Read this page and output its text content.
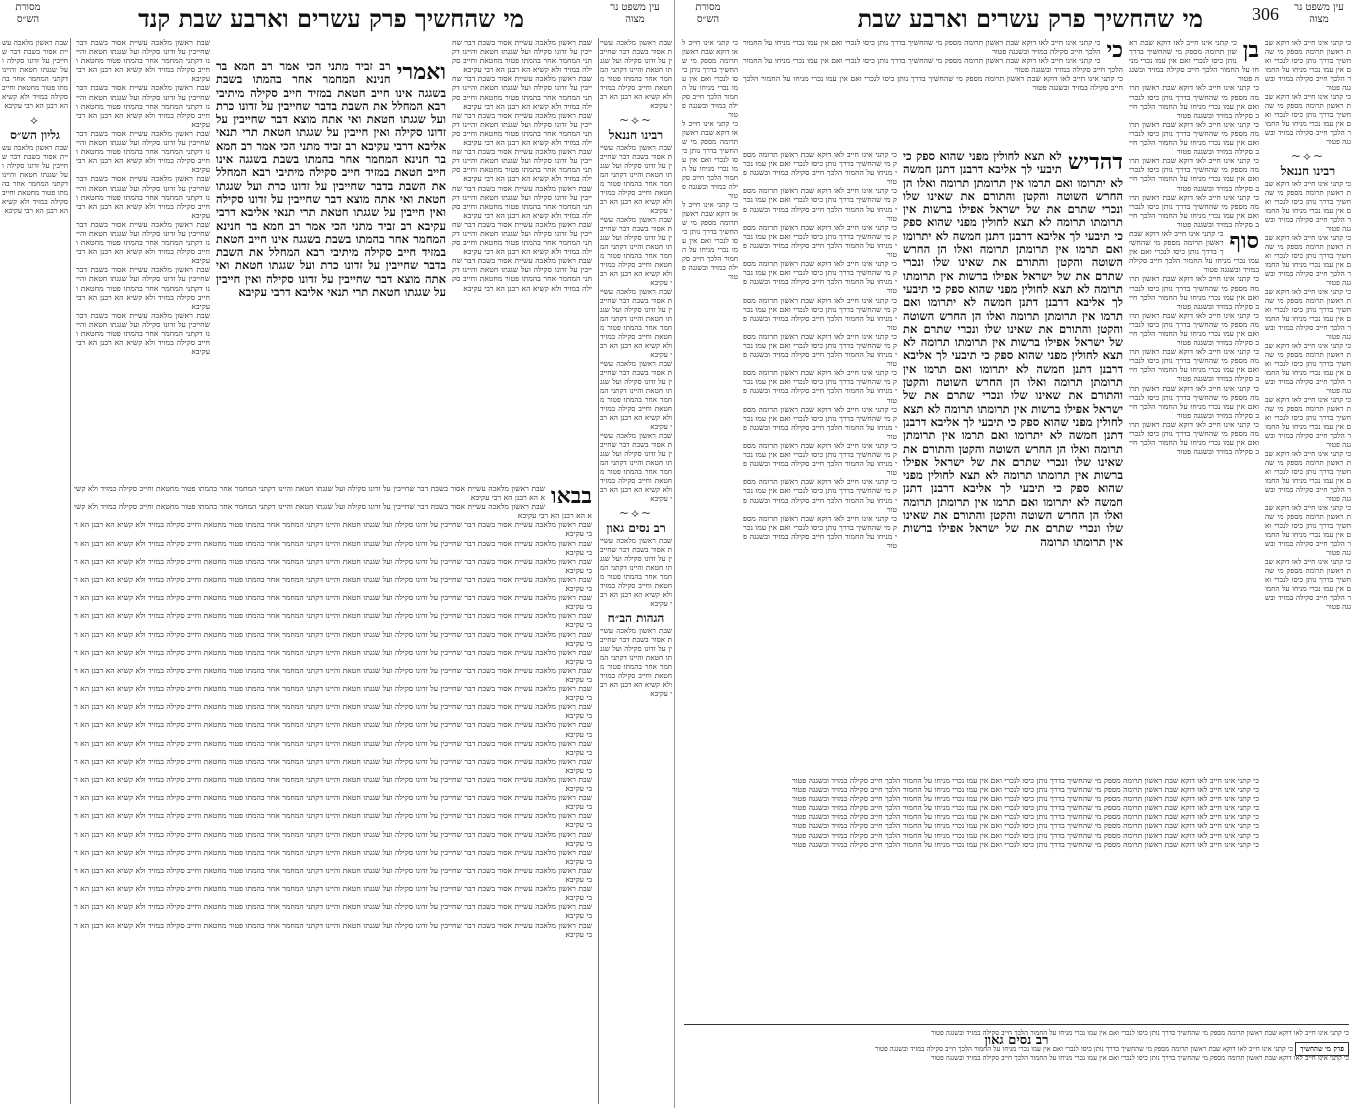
עין משפט נר מצוה
מי שהחשיך פרק עשרים וארבע שבת קנד
מסורת הש״ס
שבת ראשון מלאכה עשיית אסור בשבת דבר שחייבין על זדונו סקילה ועל שגגתו חטאת והיינו דקתני המחמר אחר בהמתו פטור מחטאת וחייב סקילה במזיד ולא קשיא הא רבנן הא רבי עקיבא
~⟡~
רבינו חננאל
שבת ראשון מלאכה עשיית אסור בשבת דבר שחייבין על זדונו סקילה ועל שגגתו חטאת והיינו דקתני המחמר אחר בהמתו פטור מחטאת וחייב סקילה במזיד ולא קשיא הא רבנן הא רבי עקיבא
שבת ראשון מלאכה עשיית אסור בשבת דבר שחייבין על זדונו סקילה ועל שגגתו חטאת והיינו דקתני המחמר אחר בהמתו פטור מחטאת וחייב סקילה במזיד ולא קשיא הא רבנן הא רבי עקיבא
שבת ראשון מלאכה עשיית אסור בשבת דבר שחייבין על זדונו סקילה ועל שגגתו חטאת והיינו דקתני המחמר אחר בהמתו פטור מחטאת וחייב סקילה במזיד ולא קשיא הא רבנן הא רבי עקיבא
שבת ראשון מלאכה עשיית אסור בשבת דבר שחייבין על זדונו סקילה ועל שגגתו חטאת והיינו דקתני המחמר אחר בהמתו פטור מחטאת וחייב סקילה במזיד ולא קשיא הא רבנן הא רבי עקיבא
שבת ראשון מלאכה עשיית אסור בשבת דבר שחייבין על זדונו סקילה ועל שגגתו חטאת והיינו דקתני המחמר אחר בהמתו פטור מחטאת וחייב סקילה במזיד ולא קשיא הא רבנן הא רבי עקיבא
~⟡~
רב נסים גאון
שבת ראשון מלאכה עשיית אסור בשבת דבר שחייבין על זדונו סקילה ועל שגגתו חטאת והיינו דקתני המחמר אחר בהמתו פטור מחטאת וחייב סקילה במזיד ולא קשיא הא רבנן הא רבי עקיבא
הגהות הב״ח
שבת ראשון מלאכה עשיית אסור בשבת דבר שחייבין על זדונו סקילה ועל שגגתו חטאת והיינו דקתני המחמר אחר בהמתו פטור מחטאת וחייב סקילה במזיד ולא קשיא הא רבנן הא רבי עקיבא
שבת ראשון מלאכה עשיית אסור בשבת דבר שחייבין על זדונו סקילה ועל שגגתו חטאת והיינו דקתני המחמר אחר בהמתו פטור מחטאת וחייב סקילה במזיד ולא קשיא הא רבנן הא רבי עקיבא
שבת ראשון מלאכה עשיית אסור בשבת דבר שחייבין על זדונו סקילה ועל שגגתו חטאת והיינו דקתני המחמר אחר בהמתו פטור מחטאת וחייב סקילה במזיד ולא קשיא הא רבנן הא רבי עקיבא
שבת ראשון מלאכה עשיית אסור בשבת דבר שחייבין על זדונו סקילה ועל שגגתו חטאת והיינו דקתני המחמר אחר בהמתו פטור מחטאת וחייב סקילה במזיד ולא קשיא הא רבנן הא רבי עקיבא
שבת ראשון מלאכה עשיית אסור בשבת דבר שחייבין על זדונו סקילה ועל שגגתו חטאת והיינו דקתני המחמר אחר בהמתו פטור מחטאת וחייב סקילה במזיד ולא קשיא הא רבנן הא רבי עקיבא
שבת ראשון מלאכה עשיית אסור בשבת דבר שחייבין על זדונו סקילה ועל שגגתו חטאת והיינו דקתני המחמר אחר בהמתו פטור מחטאת וחייב סקילה במזיד ולא קשיא הא רבנן הא רבי עקיבא
שבת ראשון מלאכה עשיית אסור בשבת דבר שחייבין על זדונו סקילה ועל שגגתו חטאת והיינו דקתני המחמר אחר בהמתו פטור מחטאת וחייב סקילה במזיד ולא קשיא הא רבנן הא רבי עקיבא
שבת ראשון מלאכה עשיית אסור בשבת דבר שחייבין על זדונו סקילה ועל שגגתו חטאת והיינו דקתני המחמר אחר בהמתו פטור מחטאת וחייב סקילה במזיד ולא קשיא הא רבנן הא רבי עקיבא
ואמרי
רב זביד מתני הכי אמר רב חמא בר חנינא המחמר אחר בהמתו בשבת בשגגה אינו חייב חטאת במזיד חייב סקילה מיתיבי רבא המחלל את השבת בדבר שחייבין על זדונו כרת ועל שגגתו חטאת ואי אתה מוצא דבר שחייבין על זדונו סקילה ואין חייבין על שגגתו חטאת תרי תנאי אליבא דרבי עקיבא רב זביד מתני הכי אמר רב חמא בר חנינא המחמר אחר בהמתו בשבת בשגגה אינו חייב חטאת במזיד חייב סקילה מיתיבי רבא המחלל את השבת בדבר שחייבין על זדונו כרת ועל שגגתו חטאת ואי אתה מוצא דבר שחייבין על זדונו סקילה ואין חייבין על שגגתו חטאת תרי תנאי אליבא דרבי עקיבא רב זביד מתני הכי אמר רב חמא בר חנינא המחמר אחר בהמתו בשבת בשגגה אינו חייב חטאת במזיד חייב סקילה מיתיבי רבא המחלל את השבת בדבר שחייבין על זדונו כרת ועל שגגתו חטאת ואי אתה מוצא דבר שחייבין על זדונו סקילה ואין חייבין על שגגתו חטאת תרי תנאי אליבא דרבי עקיבא
שבת ראשון מלאכה עשיית אסור בשבת דבר שחייבין על זדונו סקילה ועל שגגתו חטאת והיינו דקתני המחמר אחר בהמתו פטור מחטאת וחייב סקילה במזיד ולא קשיא הא רבנן הא רבי עקיבא
שבת ראשון מלאכה עשיית אסור בשבת דבר שחייבין על זדונו סקילה ועל שגגתו חטאת והיינו דקתני המחמר אחר בהמתו פטור מחטאת וחייב סקילה במזיד ולא קשיא הא רבנן הא רבי עקיבא
שבת ראשון מלאכה עשיית אסור בשבת דבר שחייבין על זדונו סקילה ועל שגגתו חטאת והיינו דקתני המחמר אחר בהמתו פטור מחטאת וחייב סקילה במזיד ולא קשיא הא רבנן הא רבי עקיבא
שבת ראשון מלאכה עשיית אסור בשבת דבר שחייבין על זדונו סקילה ועל שגגתו חטאת והיינו דקתני המחמר אחר בהמתו פטור מחטאת וחייב סקילה במזיד ולא קשיא הא רבנן הא רבי עקיבא
שבת ראשון מלאכה עשיית אסור בשבת דבר שחייבין על זדונו סקילה ועל שגגתו חטאת והיינו דקתני המחמר אחר בהמתו פטור מחטאת וחייב סקילה במזיד ולא קשיא הא רבנן הא רבי עקיבא
שבת ראשון מלאכה עשיית אסור בשבת דבר שחייבין על זדונו סקילה ועל שגגתו חטאת והיינו דקתני המחמר אחר בהמתו פטור מחטאת וחייב סקילה במזיד ולא קשיא הא רבנן הא רבי עקיבא
שבת ראשון מלאכה עשיית אסור בשבת דבר שחייבין על זדונו סקילה ועל שגגתו חטאת והיינו דקתני המחמר אחר בהמתו פטור מחטאת וחייב סקילה במזיד ולא קשיא הא רבנן הא רבי עקיבא
שבת ראשון מלאכה עשיית אסור בשבת דבר שחייבין על זדונו סקילה ועל שגגתו חטאת והיינו דקתני המחמר אחר בהמתו פטור מחטאת וחייב סקילה במזיד ולא קשיא הא רבנן הא רבי עקיבא
⟡
גליון הש״ס
שבת ראשון מלאכה עשיית אסור בשבת דבר שחייבין על זדונו סקילה ועל שגגתו חטאת והיינו דקתני המחמר אחר בהמתו פטור מחטאת וחייב סקילה במזיד ולא קשיא הא רבנן הא רבי עקיבא
בבאו
שבת ראשון מלאכה עשיית אסור בשבת דבר שחייבין על זדונו סקילה ועל שגגתו חטאת והיינו דקתני המחמר אחר בהמתו פטור מחטאת וחייב סקילה במזיד ולא קשיא הא רבנן הא רבי עקיבא
שבת ראשון מלאכה עשיית אסור בשבת דבר שחייבין על זדונו סקילה ועל שגגתו חטאת והיינו דקתני המחמר אחר בהמתו פטור מחטאת וחייב סקילה במזיד ולא קשיא הא רבנן הא רבי עקיבא
שבת ראשון מלאכה עשיית אסור בשבת דבר שחייבין על זדונו סקילה ועל שגגתו חטאת והיינו דקתני המחמר אחר בהמתו פטור מחטאת וחייב סקילה במזיד ולא קשיא הא רבנן הא רבי עקיבא
שבת ראשון מלאכה עשיית אסור בשבת דבר שחייבין על זדונו סקילה ועל שגגתו חטאת והיינו דקתני המחמר אחר בהמתו פטור מחטאת וחייב סקילה במזיד ולא קשיא הא רבנן הא רבי עקיבא
שבת ראשון מלאכה עשיית אסור בשבת דבר שחייבין על זדונו סקילה ועל שגגתו חטאת והיינו דקתני המחמר אחר בהמתו פטור מחטאת וחייב סקילה במזיד ולא קשיא הא רבנן הא רבי עקיבא
שבת ראשון מלאכה עשיית אסור בשבת דבר שחייבין על זדונו סקילה ועל שגגתו חטאת והיינו דקתני המחמר אחר בהמתו פטור מחטאת וחייב סקילה במזיד ולא קשיא הא רבנן הא רבי עקיבא
שבת ראשון מלאכה עשיית אסור בשבת דבר שחייבין על זדונו סקילה ועל שגגתו חטאת והיינו דקתני המחמר אחר בהמתו פטור מחטאת וחייב סקילה במזיד ולא קשיא הא רבנן הא רבי עקיבא
שבת ראשון מלאכה עשיית אסור בשבת דבר שחייבין על זדונו סקילה ועל שגגתו חטאת והיינו דקתני המחמר אחר בהמתו פטור מחטאת וחייב סקילה במזיד ולא קשיא הא רבנן הא רבי עקיבא
שבת ראשון מלאכה עשיית אסור בשבת דבר שחייבין על זדונו סקילה ועל שגגתו חטאת והיינו דקתני המחמר אחר בהמתו פטור מחטאת וחייב סקילה במזיד ולא קשיא הא רבנן הא רבי עקיבא
שבת ראשון מלאכה עשיית אסור בשבת דבר שחייבין על זדונו סקילה ועל שגגתו חטאת והיינו דקתני המחמר אחר בהמתו פטור מחטאת וחייב סקילה במזיד ולא קשיא הא רבנן הא רבי עקיבא
שבת ראשון מלאכה עשיית אסור בשבת דבר שחייבין על זדונו סקילה ועל שגגתו חטאת והיינו דקתני המחמר אחר בהמתו פטור מחטאת וחייב סקילה במזיד ולא קשיא הא רבנן הא רבי עקיבא
שבת ראשון מלאכה עשיית אסור בשבת דבר שחייבין על זדונו סקילה ועל שגגתו חטאת והיינו דקתני המחמר אחר בהמתו פטור מחטאת וחייב סקילה במזיד ולא קשיא הא רבנן הא רבי עקיבא
שבת ראשון מלאכה עשיית אסור בשבת דבר שחייבין על זדונו סקילה ועל שגגתו חטאת והיינו דקתני המחמר אחר בהמתו פטור מחטאת וחייב סקילה במזיד ולא קשיא הא רבנן הא רבי עקיבא
שבת ראשון מלאכה עשיית אסור בשבת דבר שחייבין על זדונו סקילה ועל שגגתו חטאת והיינו דקתני המחמר אחר בהמתו פטור מחטאת וחייב סקילה במזיד ולא קשיא הא רבנן הא רבי עקיבא
שבת ראשון מלאכה עשיית אסור בשבת דבר שחייבין על זדונו סקילה ועל שגגתו חטאת והיינו דקתני המחמר אחר בהמתו פטור מחטאת וחייב סקילה במזיד ולא קשיא הא רבנן הא רבי עקיבא
שבת ראשון מלאכה עשיית אסור בשבת דבר שחייבין על זדונו סקילה ועל שגגתו חטאת והיינו דקתני המחמר אחר בהמתו פטור מחטאת וחייב סקילה במזיד ולא קשיא הא רבנן הא רבי עקיבא
שבת ראשון מלאכה עשיית אסור בשבת דבר שחייבין על זדונו סקילה ועל שגגתו חטאת והיינו דקתני המחמר אחר בהמתו פטור מחטאת וחייב סקילה במזיד ולא קשיא הא רבנן הא רבי עקיבא
שבת ראשון מלאכה עשיית אסור בשבת דבר שחייבין על זדונו סקילה ועל שגגתו חטאת והיינו דקתני המחמר אחר בהמתו פטור מחטאת וחייב סקילה במזיד ולא קשיא הא רבנן הא רבי עקיבא
שבת ראשון מלאכה עשיית אסור בשבת דבר שחייבין על זדונו סקילה ועל שגגתו חטאת והיינו דקתני המחמר אחר בהמתו פטור מחטאת וחייב סקילה במזיד ולא קשיא הא רבנן הא רבי עקיבא
שבת ראשון מלאכה עשיית אסור בשבת דבר שחייבין על זדונו סקילה ועל שגגתו חטאת והיינו דקתני המחמר אחר בהמתו פטור מחטאת וחייב סקילה במזיד ולא קשיא הא רבנן הא רבי עקיבא
שבת ראשון מלאכה עשיית אסור בשבת דבר שחייבין על זדונו סקילה ועל שגגתו חטאת והיינו דקתני המחמר אחר בהמתו פטור מחטאת וחייב סקילה במזיד ולא קשיא הא רבנן הא רבי עקיבא
שבת ראשון מלאכה עשיית אסור בשבת דבר שחייבין על זדונו סקילה ועל שגגתו חטאת והיינו דקתני המחמר אחר בהמתו פטור מחטאת וחייב סקילה במזיד ולא קשיא הא רבנן הא רבי עקיבא
שבת ראשון מלאכה עשיית אסור בשבת דבר שחייבין על זדונו סקילה ועל שגגתו חטאת והיינו דקתני המחמר אחר בהמתו פטור מחטאת וחייב סקילה במזיד ולא קשיא הא רבנן הא רבי עקיבא
שבת ראשון מלאכה עשיית אסור בשבת דבר שחייבין על זדונו סקילה ועל שגגתו חטאת והיינו דקתני המחמר אחר בהמתו פטור מחטאת וחייב סקילה במזיד ולא קשיא הא רבנן הא רבי עקיבא
שבת ראשון מלאכה עשיית אסור בשבת דבר שחייבין על זדונו סקילה ועל שגגתו חטאת והיינו דקתני המחמר אחר בהמתו פטור מחטאת וחייב סקילה במזיד ולא קשיא הא רבנן הא רבי עקיבא
עין משפט נר מצוה
306
מי שהחשיך פרק עשרים וארבע שבת
מסורת הש״ס
כי קתני אינו חייב לאו דוקא שבת ראשון תרומה מספק מי שהחשיך בדרך נותן כיסו לנכרי ואם אין עמו נכרי מניחו על החמור הלכך חייב סקילה במזיד ובשגגה פטור
כי קתני אינו חייב לאו דוקא שבת ראשון תרומה מספק מי שהחשיך בדרך נותן כיסו לנכרי ואם אין עמו נכרי מניחו על החמור הלכך חייב סקילה במזיד ובשגגה פטור
~⟡~
רבינו חננאל
כי קתני אינו חייב לאו דוקא שבת ראשון תרומה מספק מי שהחשיך בדרך נותן כיסו לנכרי ואם אין עמו נכרי מניחו על החמור הלכך חייב סקילה במזיד ובשגגה פטור
כי קתני אינו חייב לאו דוקא שבת ראשון תרומה מספק מי שהחשיך בדרך נותן כיסו לנכרי ואם אין עמו נכרי מניחו על החמור הלכך חייב סקילה במזיד ובשגגה פטור
כי קתני אינו חייב לאו דוקא שבת ראשון תרומה מספק מי שהחשיך בדרך נותן כיסו לנכרי ואם אין עמו נכרי מניחו על החמור הלכך חייב סקילה במזיד ובשגגה פטור
כי קתני אינו חייב לאו דוקא שבת ראשון תרומה מספק מי שהחשיך בדרך נותן כיסו לנכרי ואם אין עמו נכרי מניחו על החמור הלכך חייב סקילה במזיד ובשגגה פטור
כי קתני אינו חייב לאו דוקא שבת ראשון תרומה מספק מי שהחשיך בדרך נותן כיסו לנכרי ואם אין עמו נכרי מניחו על החמור הלכך חייב סקילה במזיד ובשגגה פטור
כי קתני אינו חייב לאו דוקא שבת ראשון תרומה מספק מי שהחשיך בדרך נותן כיסו לנכרי ואם אין עמו נכרי מניחו על החמור הלכך חייב סקילה במזיד ובשגגה פטור
כי קתני אינו חייב לאו דוקא שבת ראשון תרומה מספק מי שהחשיך בדרך נותן כיסו לנכרי ואם אין עמו נכרי מניחו על החמור הלכך חייב סקילה במזיד ובשגגה פטור
כי קתני אינו חייב לאו דוקא שבת ראשון תרומה מספק מי שהחשיך בדרך נותן כיסו לנכרי ואם אין עמו נכרי מניחו על החמור הלכך חייב סקילה במזיד ובשגגה פטור
בן
כי קתני אינו חייב לאו דוקא שבת ראשון תרומה מספק מי שהחשיך בדרך נותן כיסו לנכרי ואם אין עמו נכרי מניחו על החמור הלכך חייב סקילה במזיד ובשגגה פטור
כי קתני אינו חייב לאו דוקא שבת ראשון תרומה מספק מי שהחשיך בדרך נותן כיסו לנכרי ואם אין עמו נכרי מניחו על החמור הלכך חייב סקילה במזיד ובשגגה פטור
כי קתני אינו חייב לאו דוקא שבת ראשון תרומה מספק מי שהחשיך בדרך נותן כיסו לנכרי ואם אין עמו נכרי מניחו על החמור הלכך חייב סקילה במזיד ובשגגה פטור
כי קתני אינו חייב לאו דוקא שבת ראשון תרומה מספק מי שהחשיך בדרך נותן כיסו לנכרי ואם אין עמו נכרי מניחו על החמור הלכך חייב סקילה במזיד ובשגגה פטור
כי קתני אינו חייב לאו דוקא שבת ראשון תרומה מספק מי שהחשיך בדרך נותן כיסו לנכרי ואם אין עמו נכרי מניחו על החמור הלכך חייב סקילה במזיד ובשגגה פטור
סוף
כי קתני אינו חייב לאו דוקא שבת ראשון תרומה מספק מי שהחשיך בדרך נותן כיסו לנכרי ואם אין עמו נכרי מניחו על החמור הלכך חייב סקילה במזיד ובשגגה פטור
כי קתני אינו חייב לאו דוקא שבת ראשון תרומה מספק מי שהחשיך בדרך נותן כיסו לנכרי ואם אין עמו נכרי מניחו על החמור הלכך חייב סקילה במזיד ובשגגה פטור
כי קתני אינו חייב לאו דוקא שבת ראשון תרומה מספק מי שהחשיך בדרך נותן כיסו לנכרי ואם אין עמו נכרי מניחו על החמור הלכך חייב סקילה במזיד ובשגגה פטור
כי קתני אינו חייב לאו דוקא שבת ראשון תרומה מספק מי שהחשיך בדרך נותן כיסו לנכרי ואם אין עמו נכרי מניחו על החמור הלכך חייב סקילה במזיד ובשגגה פטור
כי קתני אינו חייב לאו דוקא שבת ראשון תרומה מספק מי שהחשיך בדרך נותן כיסו לנכרי ואם אין עמו נכרי מניחו על החמור הלכך חייב סקילה במזיד ובשגגה פטור
כי קתני אינו חייב לאו דוקא שבת ראשון תרומה מספק מי שהחשיך בדרך נותן כיסו לנכרי ואם אין עמו נכרי מניחו על החמור הלכך חייב סקילה במזיד ובשגגה פטור
דהדיש
לא תצא לחולין מפני שהוא ספק כי תיבעי לך אליבא דרבנן דתנן חמשה לא יתרומו ואם תרמו אין תרומתן תרומה ואלו הן החרש השוטה והקטן והתורם את שאינו שלו ונכרי שתרם את של ישראל אפילו ברשות אין תרומתו תרומה לא תצא לחולין מפני שהוא ספק כי תיבעי לך אליבא דרבנן דתנן חמשה לא יתרומו ואם תרמו אין תרומתן תרומה ואלו הן החרש השוטה והקטן והתורם את שאינו שלו ונכרי שתרם את של ישראל אפילו ברשות אין תרומתו תרומה לא תצא לחולין מפני שהוא ספק כי תיבעי לך אליבא דרבנן דתנן חמשה לא יתרומו ואם תרמו אין תרומתן תרומה ואלו הן החרש השוטה והקטן והתורם את שאינו שלו ונכרי שתרם את של ישראל אפילו ברשות אין תרומתו תרומה לא תצא לחולין מפני שהוא ספק כי תיבעי לך אליבא דרבנן דתנן חמשה לא יתרומו ואם תרמו אין תרומתן תרומה ואלו הן החרש השוטה והקטן והתורם את שאינו שלו ונכרי שתרם את של ישראל אפילו ברשות אין תרומתו תרומה לא תצא לחולין מפני שהוא ספק כי תיבעי לך אליבא דרבנן דתנן חמשה לא יתרומו ואם תרמו אין תרומתן תרומה ואלו הן החרש השוטה והקטן והתורם את שאינו שלו ונכרי שתרם את של ישראל אפילו ברשות אין תרומתו תרומה לא תצא לחולין מפני שהוא ספק כי תיבעי לך אליבא דרבנן דתנן חמשה לא יתרומו ואם תרמו אין תרומתן תרומה ואלו הן החרש השוטה והקטן והתורם את שאינו שלו ונכרי שתרם את של ישראל אפילו ברשות אין תרומתו תרומה
כי
כי קתני אינו חייב לאו דוקא שבת ראשון תרומה מספק מי שהחשיך בדרך נותן כיסו לנכרי ואם אין עמו נכרי מניחו על החמור הלכך חייב סקילה במזיד ובשגגה פטור
כי קתני אינו חייב לאו דוקא שבת ראשון תרומה מספק מי שהחשיך בדרך נותן כיסו לנכרי ואם אין עמו נכרי מניחו על החמור הלכך חייב סקילה במזיד ובשגגה פטור
כי קתני אינו חייב לאו דוקא שבת ראשון תרומה מספק מי שהחשיך בדרך נותן כיסו לנכרי ואם אין עמו נכרי מניחו על החמור הלכך חייב סקילה במזיד ובשגגה פטור
כי קתני אינו חייב לאו דוקא שבת ראשון תרומה מספק מי שהחשיך בדרך נותן כיסו לנכרי ואם אין עמו נכרי מניחו על החמור הלכך חייב סקילה במזיד ובשגגה פטור
כי קתני אינו חייב לאו דוקא שבת ראשון תרומה מספק מי שהחשיך בדרך נותן כיסו לנכרי ואם אין עמו נכרי מניחו על החמור הלכך חייב סקילה במזיד ובשגגה פטור
כי קתני אינו חייב לאו דוקא שבת ראשון תרומה מספק מי שהחשיך בדרך נותן כיסו לנכרי ואם אין עמו נכרי מניחו על החמור הלכך חייב סקילה במזיד ובשגגה פטור
כי קתני אינו חייב לאו דוקא שבת ראשון תרומה מספק מי שהחשיך בדרך נותן כיסו לנכרי ואם אין עמו נכרי מניחו על החמור הלכך חייב סקילה במזיד ובשגגה פטור
כי קתני אינו חייב לאו דוקא שבת ראשון תרומה מספק מי שהחשיך בדרך נותן כיסו לנכרי ואם אין עמו נכרי מניחו על החמור הלכך חייב סקילה במזיד ובשגגה פטור
כי קתני אינו חייב לאו דוקא שבת ראשון תרומה מספק מי שהחשיך בדרך נותן כיסו לנכרי ואם אין עמו נכרי מניחו על החמור הלכך חייב סקילה במזיד ובשגגה פטור
כי קתני אינו חייב לאו דוקא שבת ראשון תרומה מספק מי שהחשיך בדרך נותן כיסו לנכרי ואם אין עמו נכרי מניחו על החמור הלכך חייב סקילה במזיד ובשגגה פטור
כי קתני אינו חייב לאו דוקא שבת ראשון תרומה מספק מי שהחשיך בדרך נותן כיסו לנכרי ואם אין עמו נכרי מניחו על החמור הלכך חייב סקילה במזיד ובשגגה פטור
כי קתני אינו חייב לאו דוקא שבת ראשון תרומה מספק מי שהחשיך בדרך נותן כיסו לנכרי ואם אין עמו נכרי מניחו על החמור הלכך חייב סקילה במזיד ובשגגה פטור
כי קתני אינו חייב לאו דוקא שבת ראשון תרומה מספק מי שהחשיך בדרך נותן כיסו לנכרי ואם אין עמו נכרי מניחו על החמור הלכך חייב סקילה במזיד ובשגגה פטור
כי קתני אינו חייב לאו דוקא שבת ראשון תרומה מספק מי שהחשיך בדרך נותן כיסו לנכרי ואם אין עמו נכרי מניחו על החמור הלכך חייב סקילה במזיד ובשגגה פטור
כי קתני אינו חייב לאו דוקא שבת ראשון תרומה מספק מי שהחשיך בדרך נותן כיסו לנכרי ואם אין עמו נכרי מניחו על החמור הלכך חייב סקילה במזיד ובשגגה פטור
כי קתני אינו חייב לאו דוקא שבת ראשון תרומה מספק מי שהחשיך בדרך נותן כיסו לנכרי ואם אין עמו נכרי מניחו על החמור הלכך חייב סקילה במזיד ובשגגה פטור
כי קתני אינו חייב לאו דוקא שבת ראשון תרומה מספק מי שהחשיך בדרך נותן כיסו לנכרי ואם אין עמו נכרי מניחו על החמור הלכך חייב סקילה במזיד ובשגגה פטור
כי קתני אינו חייב לאו דוקא שבת ראשון תרומה מספק מי שהחשיך בדרך נותן כיסו לנכרי ואם אין עמו נכרי מניחו על החמור הלכך חייב סקילה במזיד ובשגגה פטור
כי קתני אינו חייב לאו דוקא שבת ראשון תרומה מספק מי שהחשיך בדרך נותן כיסו לנכרי ואם אין עמו נכרי מניחו על החמור הלכך חייב סקילה במזיד ובשגגה פטור
כי קתני אינו חייב לאו דוקא שבת ראשון תרומה מספק מי שהחשיך בדרך נותן כיסו לנכרי ואם אין עמו נכרי מניחו על החמור הלכך חייב סקילה במזיד ובשגגה פטור
כי קתני אינו חייב לאו דוקא שבת ראשון תרומה מספק מי שהחשיך בדרך נותן כיסו לנכרי ואם אין עמו נכרי מניחו על החמור הלכך חייב סקילה במזיד ובשגגה פטור
כי קתני אינו חייב לאו דוקא שבת ראשון תרומה מספק מי שהחשיך בדרך נותן כיסו לנכרי ואם אין עמו נכרי מניחו על החמור הלכך חייב סקילה במזיד ובשגגה פטור
כי קתני אינו חייב לאו דוקא שבת ראשון תרומה מספק מי שהחשיך בדרך נותן כיסו לנכרי ואם אין עמו נכרי מניחו על החמור הלכך חייב סקילה במזיד ובשגגה פטור
כי קתני אינו חייב לאו דוקא שבת ראשון תרומה מספק מי שהחשיך בדרך נותן כיסו לנכרי ואם אין עמו נכרי מניחו על החמור הלכך חייב סקילה במזיד ובשגגה פטור
כי קתני אינו חייב לאו דוקא שבת ראשון תרומה מספק מי שהחשיך בדרך נותן כיסו לנכרי ואם אין עמו נכרי מניחו על החמור הלכך חייב סקילה במזיד ובשגגה פטור
כי קתני אינו חייב לאו דוקא שבת ראשון תרומה מספק מי שהחשיך בדרך נותן כיסו לנכרי ואם אין עמו נכרי מניחו על החמור הלכך חייב סקילה במזיד ובשגגה פטור
רב נסים גאון
פרק מי שהחשיך כי קתני אינו חייב לאו דוקא שבת ראשון תרומה מספק מי שהחשיך בדרך נותן כיסו לנכרי ואם אין עמו נכרי מניחו על החמור הלכך חייב סקילה במזיד ובשגגה פטור
כי קתני אינו חייב לאו דוקא שבת ראשון תרומה מספק מי שהחשיך בדרך נותן כיסו לנכרי ואם אין עמו נכרי מניחו על החמור הלכך חייב סקילה במזיד ובשגגה פטור
